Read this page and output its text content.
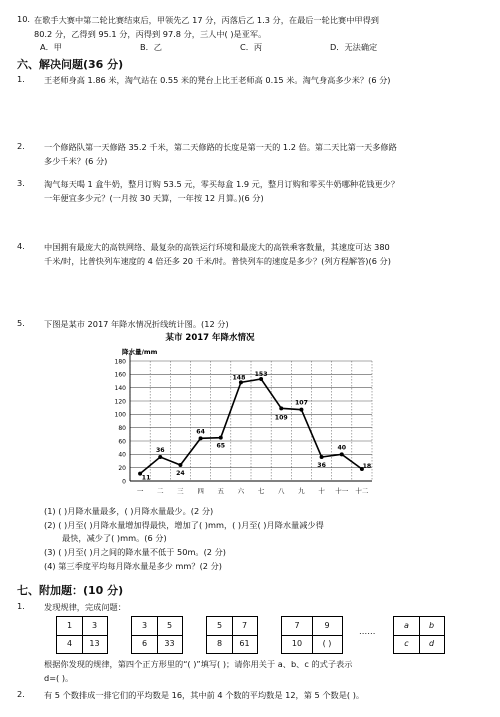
10. 在歌手大赛中第二轮比赛结束后，甲领先乙 17 分，丙落后乙 1.3 分，在最后一轮比赛中甲得到
80.2 分，乙得到 95.1 分，丙得到 97.8 分，三人中( )是亚军。
A．甲	B．乙	C．丙	D．无法确定
六、解决问题(36 分)
1. 王老师身高 1.86 米，淘气站在 0.55 米的凳台上比王老师高 0.15 米。淘气身高多少米？(6 分)
2. 一个修路队第一天修路 35.2 千米，第二天修路的长度是第一天的 1.2 倍。第二天比第一天多修路
多少千米？(6 分)
3. 淘气每天喝 1 盒牛奶，整月订购 53.5 元，零买每盒 1.9 元，整月订购和零买牛奶哪种花钱更少？
一年便宜多少元？(一月按 30 天算，一年按 12 月算。)(6 分)
4. 中国拥有最庞大的高铁网络、最复杂的高铁运行环境和最庞大的高铁乘客数量，其速度可达 380
千米/时，比普快列车速度的 4 倍还多 20 千米/时。普快列车的速度是多少？(列方程解答)(6 分)
5. 下图是某市 2017 年降水情况折线统计图。(12 分)
某市 2017 年降水情况
降水量/mm
0
20
40
60
80
100
120
140
160
180
一 二 三 四 五 六 七 八 九 十 十一 十二
11
36
24
64
65
148 153
109
107
36
40
18
(1) ( )月降水量最多，( )月降水量最少。(2 分)
(2) ( )月至( )月降水量增加得最快，增加了( )mm，( )月至( )月降水量减少得
最快，减少了( )mm。(6 分)
(3) ( )月至( )月之间的降水量不低于 50m。(2 分)
(4) 第三季度平均每月降水量是多少 mm？(2 分)
七、附加题：(10 分)
1. 发现规律，完成问题：
1	3
4	13
3	5
6	33
5	7
8	61
7	9
10	( )
……
a	b
c	d
根据你发现的规律，第四个正方形里的“( )”填写( )；请你用关于 a、b、c 的式子表示
d=( )。
2. 有 5 个数排成一排它们的平均数是 16，其中前 4 个数的平均数是 12，第 5 个数是( )。
